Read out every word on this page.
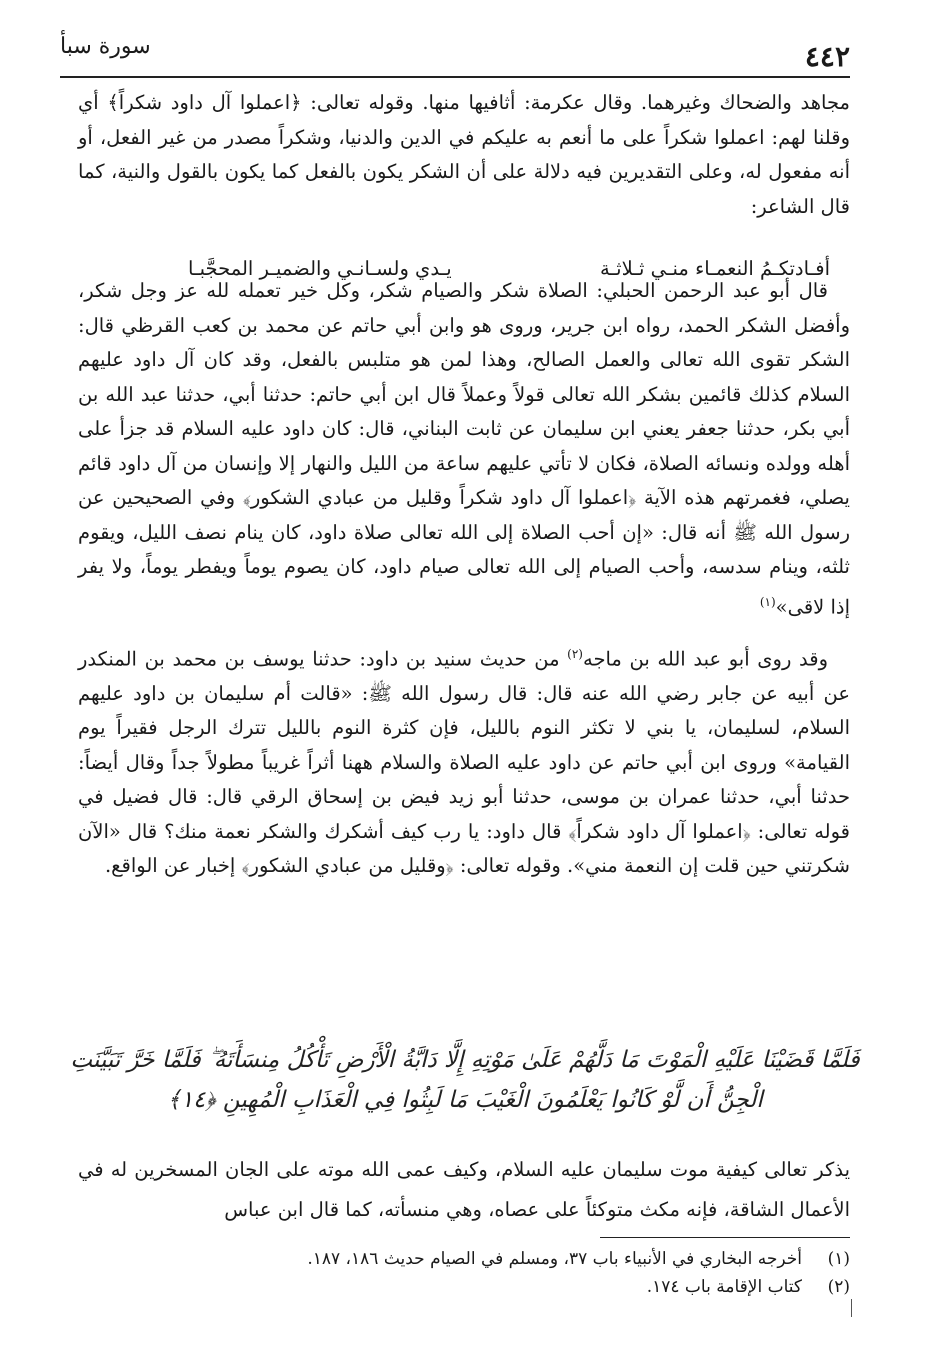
٤٤٢
سورة سبأ

مجاهد والضحاك وغيرهما. وقال عكرمة: أثافيها منها. وقوله تعالى: ﴿اعملوا آل داود شكراً﴾ أي وقلنا لهم: اعملوا شكراً على ما أنعم به عليكم في الدين والدنيا، وشكراً مصدر من غير الفعل، أو أنه مفعول له، وعلى التقديرين فيه دلالة على أن الشكر يكون بالفعل كما يكون بالقول والنية، كما قال الشاعر:

قال أبو عبد الرحمن الحبلي: الصلاة شكر والصيام شكر، وكل خير تعمله لله عز وجل شكر، وأفضل الشكر الحمد، رواه ابن جرير، وروى هو وابن أبي حاتم عن محمد بن كعب القرظي قال: الشكر تقوى الله تعالى والعمل الصالح، وهذا لمن هو متلبس بالفعل، وقد كان آل داود عليهم السلام كذلك قائمين بشكر الله تعالى قولاً وعملاً قال ابن أبي حاتم: حدثنا أبي، حدثنا عبد الله بن أبي بكر، حدثنا جعفر يعني ابن سليمان عن ثابت البناني، قال: كان داود عليه السلام قد جزأ على أهله وولده ونسائه الصلاة، فكان لا تأتي عليهم ساعة من الليل والنهار إلا وإنسان من آل داود قائم يصلي، فغمرتهم هذه الآية ﴿اعملوا آل داود شكراً وقليل من عبادي الشكور﴾ وفي الصحيحين عن رسول الله ﷺ أنه قال: «إن أحب الصلاة إلى الله تعالى صلاة داود، كان ينام نصف الليل، ويقوم ثلثه، وينام سدسه، وأحب الصيام إلى الله تعالى صيام داود، كان يصوم يوماً ويفطر يوماً، ولا يفر إذا لاقى»$^{(١)}$

وقد روى أبو عبد الله بن ماجه$^{(٢)}$ من حديث سنيد بن داود: حدثنا يوسف بن محمد بن المنكدر عن أبيه عن جابر رضي الله عنه قال: قال رسول الله ﷺ: «قالت أم سليمان بن داود عليهم السلام، لسليمان، يا بني لا تكثر النوم بالليل، فإن كثرة النوم بالليل تترك الرجل فقيراً يوم القيامة» وروى ابن أبي حاتم عن داود عليه الصلاة والسلام ههنا أثراً غريباً مطولاً جداً وقال أيضاً: حدثنا أبي، حدثنا عمران بن موسى، حدثنا أبو زيد فيض بن إسحاق الرقي قال: قال فضيل في قوله تعالى: ﴿اعملوا آل داود شكراً﴾ قال داود: يا رب كيف أشكرك والشكر نعمة منك؟ قال «الآن شكرتني حين قلت إن النعمة مني». وقوله تعالى: ﴿وقليل من عبادي الشكور﴾ إخبار عن الواقع.

أفـادتكـمُ النعمـاء منـي ثـلاثـة
يـدي ولسـانـي والضميـر المحجَّبـا
فَلَمَّا قَضَيْنَا عَلَيْهِ الْمَوْتَ مَا دَلَّهُمْ عَلَىٰ مَوْتِهِ إِلَّا دَابَّةُ الْأَرْضِ تَأْكُلُ مِنسَأَتَهُ ۖ فَلَمَّا خَرَّ تَبَيَّنَتِ الْجِنُّ أَن لَّوْ كَانُوا يَعْلَمُونَ الْغَيْبَ مَا لَبِثُوا فِي الْعَذَابِ الْمُهِينِ ﴿١٤﴾
يذكر تعالى كيفية موت سليمان عليه السلام، وكيف عمى الله موته على الجان المسخرين له في الأعمال الشاقة، فإنه مكث متوكئاً على عصاه، وهي منسأته، كما قال ابن عباس
(١)
أخرجه البخاري في الأنبياء باب ٣٧، ومسلم في الصيام حديث ١٨٦، ١٨٧.
(٢)
كتاب الإقامة باب ١٧٤.
